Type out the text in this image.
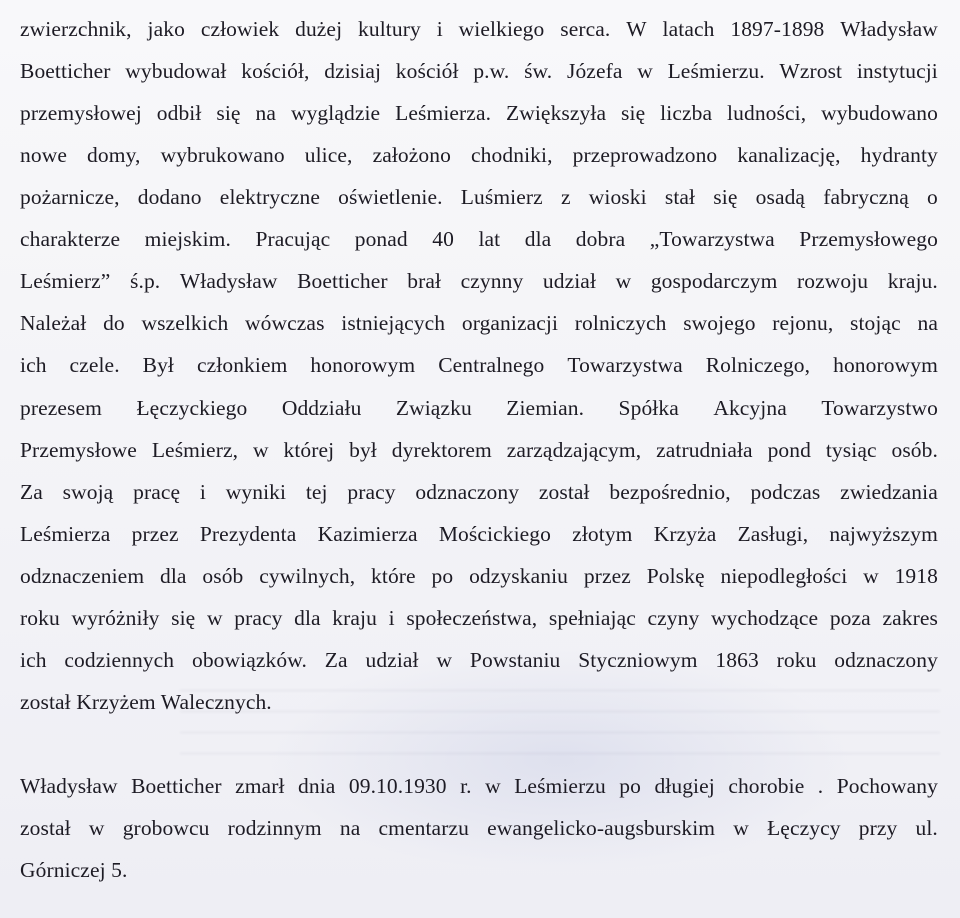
zwierzchnik, jako człowiek dużej kultury i wielkiego serca. W latach 1897-1898 Władysław

Boetticher wybudował kościół, dzisiaj kościół p.w. św. Józefa w Leśmierzu. Wzrost instytucji

przemysłowej odbił się na wyglądzie Leśmierza. Zwiększyła się liczba ludności, wybudowano

nowe domy, wybrukowano ulice, założono chodniki, przeprowadzono kanalizację, hydranty

pożarnicze, dodano elektryczne oświetlenie. Luśmierz z wioski stał się osadą fabryczną o

charakterze miejskim. Pracując ponad 40 lat dla dobra „Towarzystwa Przemysłowego

Leśmierz” ś.p. Władysław Boetticher brał czynny udział w gospodarczym rozwoju kraju.

Należał do wszelkich wówczas istniejących organizacji rolniczych swojego rejonu, stojąc na

ich czele. Był członkiem honorowym Centralnego Towarzystwa Rolniczego, honorowym

prezesem Łęczyckiego Oddziału Związku Ziemian. Spółka Akcyjna Towarzystwo

Przemysłowe Leśmierz, w której był dyrektorem zarządzającym, zatrudniała pond tysiąc osób.

Za swoją pracę i wyniki tej pracy odznaczony został bezpośrednio, podczas zwiedzania

Leśmierza przez Prezydenta Kazimierza Mościckiego złotym Krzyża Zasługi, najwyższym

odznaczeniem dla osób cywilnych, które po odzyskaniu przez Polskę niepodległości w 1918

roku wyróżniły się w pracy dla kraju i społeczeństwa, spełniając czyny wychodzące poza zakres

ich codziennych obowiązków. Za udział w Powstaniu Styczniowym 1863 roku odznaczony

został Krzyżem Walecznych.

Władysław Boetticher zmarł dnia 09.10.1930 r. w Leśmierzu po długiej chorobie . Pochowany

został w grobowcu rodzinnym na cmentarzu ewangelicko-augsburskim w Łęczycy przy ul.

Górniczej 5.
